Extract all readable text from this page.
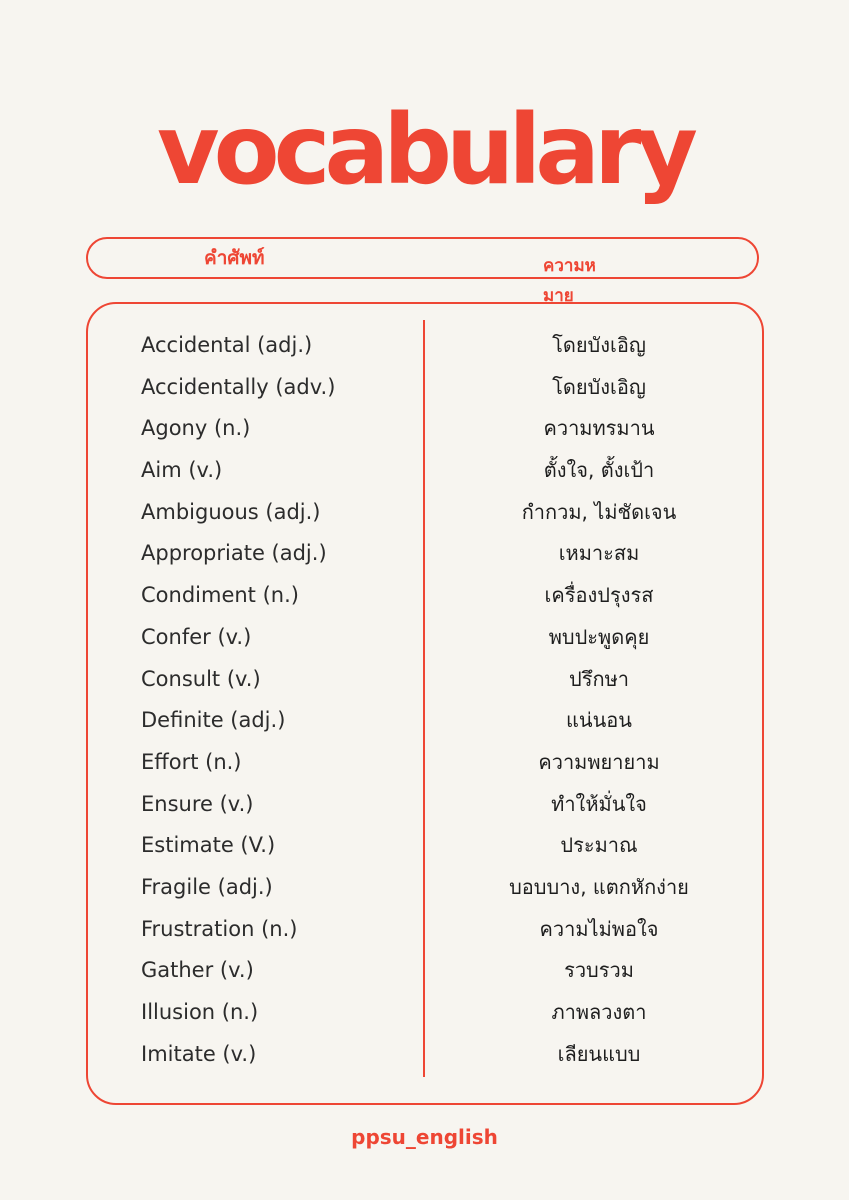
vocabulary
คำศัพท์	ความหมาย
Accidental (adj.)	โดยบังเอิญ
Accidentally (adv.)	โดยบังเอิญ
Agony (n.)	ความทรมาน
Aim (v.)	ตั้งใจ, ตั้งเป้า
Ambiguous (adj.)	กำกวม, ไม่ชัดเจน
Appropriate (adj.)	เหมาะสม
Condiment (n.)	เครื่องปรุงรส
Confer (v.)	พบปะพูดคุย
Consult (v.)	ปรึกษา
Definite (adj.)	แน่นอน
Effort (n.)	ความพยายาม
Ensure (v.)	ทำให้มั่นใจ
Estimate (V.)	ประมาณ
Fragile (adj.)	บอบบาง, แตกหักง่าย
Frustration (n.)	ความไม่พอใจ
Gather (v.)	รวบรวม
Illusion (n.)	ภาพลวงตา
Imitate (v.)	เลียนแบบ
ppsu_english
